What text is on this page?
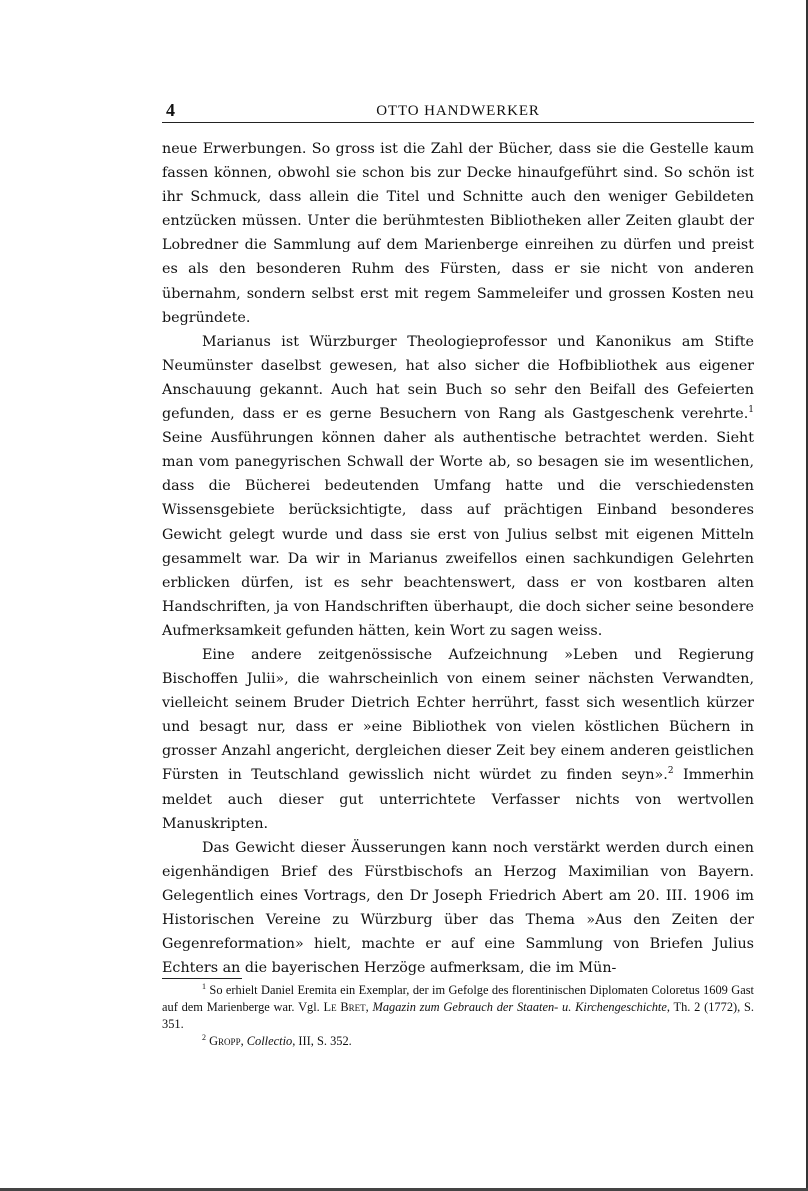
4	OTTO HANDWERKER

neue Erwerbungen. So gross ist die Zahl der Bücher, dass sie die Gestelle kaum fassen können, obwohl sie schon bis zur Decke hinaufgeführt sind. So schön ist ihr Schmuck, dass allein die Titel und Schnitte auch den weniger Gebildeten entzücken müssen. Unter die berühmtesten Bibliotheken aller Zeiten glaubt der Lobredner die Sammlung auf dem Marienberge einreihen zu dürfen und preist es als den besonderen Ruhm des Fürsten, dass er sie nicht von anderen übernahm, sondern selbst erst mit regem Sammeleifer und grossen Kosten neu begründete.

Marianus ist Würzburger Theologieprofessor und Kanonikus am Stifte Neumünster daselbst gewesen, hat also sicher die Hofbibliothek aus eigener Anschauung gekannt. Auch hat sein Buch so sehr den Beifall des Gefeierten gefunden, dass er es gerne Besuchern von Rang als Gastgeschenk verehrte.$^1$ Seine Ausführungen können daher als authentische betrachtet werden. Sieht man vom panegyrischen Schwall der Worte ab, so besagen sie im wesentlichen, dass die Bücherei bedeutenden Umfang hatte und die verschiedensten Wissensgebiete berücksichtigte, dass auf prächtigen Einband besonderes Gewicht gelegt wurde und dass sie erst von Julius selbst mit eigenen Mitteln gesammelt war. Da wir in Marianus zweifellos einen sachkundigen Gelehrten erblicken dürfen, ist es sehr beachtenswert, dass er von kostbaren alten Handschriften, ja von Handschriften überhaupt, die doch sicher seine besondere Aufmerksamkeit gefunden hätten, kein Wort zu sagen weiss.

Eine andere zeitgenössische Aufzeichnung »Leben und Regierung Bischoffen Julii», die wahrscheinlich von einem seiner nächsten Verwandten, vielleicht seinem Bruder Dietrich Echter herrührt, fasst sich wesentlich kürzer und besagt nur, dass er »eine Bibliothek von vielen köstlichen Büchern in grosser Anzahl angericht, dergleichen dieser Zeit bey einem anderen geistlichen Fürsten in Teutschland gewisslich nicht würdet zu finden seyn».$^2$ Immerhin meldet auch dieser gut unterrichtete Verfasser nichts von wertvollen Manuskripten.

Das Gewicht dieser Äusserungen kann noch verstärkt werden durch einen eigenhändigen Brief des Fürstbischofs an Herzog Maximilian von Bayern. Gelegentlich eines Vortrags, den Dr Joseph Friedrich Abert am 20. III. 1906 im Historischen Vereine zu Würzburg über das Thema »Aus den Zeiten der Gegenreformation» hielt, machte er auf eine Sammlung von Briefen Julius Echters an die bayerischen Herzöge aufmerksam, die im Mün-

$^1$ So erhielt Daniel Eremita ein Exemplar, der im Gefolge des florentinischen Diplomaten Coloretus 1609 Gast auf dem Marienberge war. Vgl. Le Bret, Magazin zum Gebrauch der Staaten- u. Kirchengeschichte, Th. 2 (1772), S. 351.

$^2$ Gropp, Collectio, III, S. 352.
